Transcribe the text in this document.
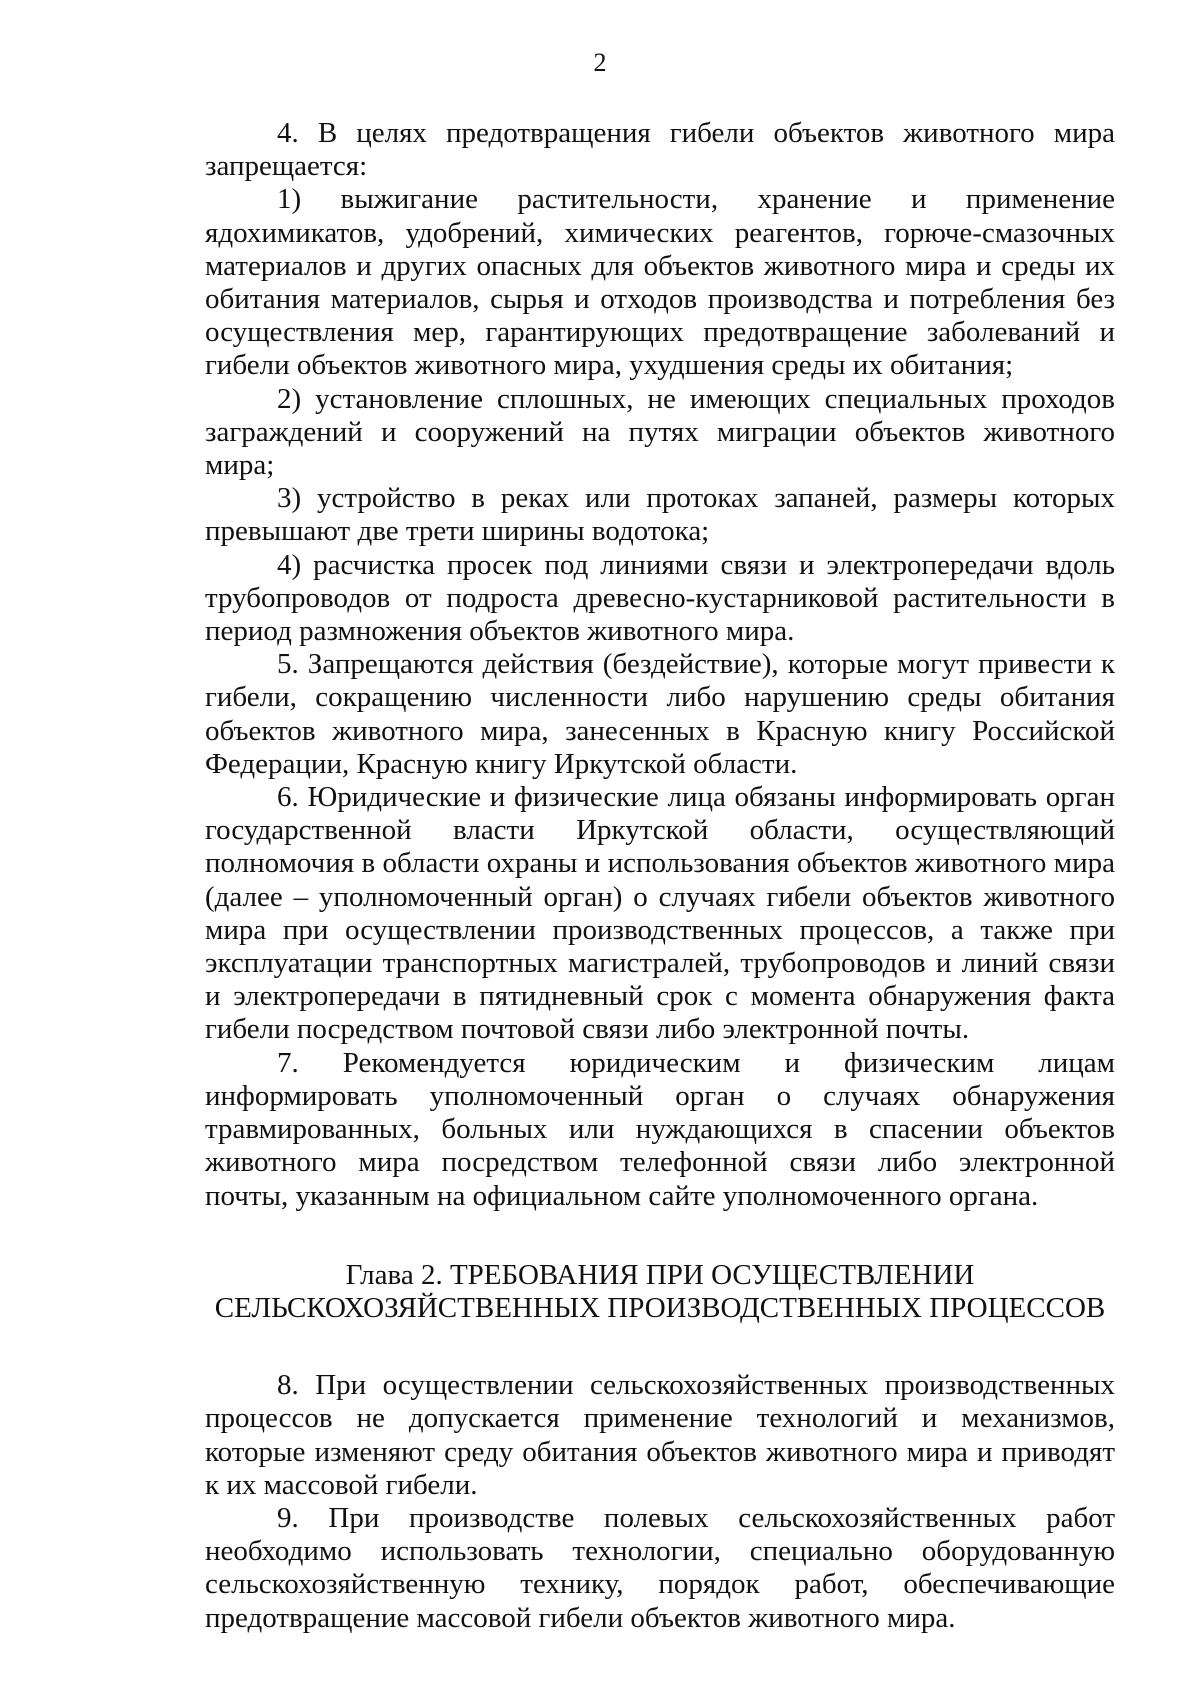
2

4. В целях предотвращения гибели объектов животного мира запрещается:

1) выжигание растительности, хранение и применение ядохимикатов, удобрений, химических реагентов, горюче-смазочных материалов и других опасных для объектов животного мира и среды их обитания материалов, сырья и отходов производства и потребления без осуществления мер, гарантирующих предотвращение заболеваний и гибели объектов животного мира, ухудшения среды их обитания;

2) установление сплошных, не имеющих специальных проходов заграждений и сооружений на путях миграции объектов животного мира;

3) устройство в реках или протоках запаней, размеры которых превышают две трети ширины водотока;

4) расчистка просек под линиями связи и электропередачи вдоль трубопроводов от подроста древесно-кустарниковой растительности в период размножения объектов животного мира.

5. Запрещаются действия (бездействие), которые могут привести к гибели, сокращению численности либо нарушению среды обитания объектов животного мира, занесенных в Красную книгу Российской Федерации, Красную книгу Иркутской области.

6. Юридические и физические лица обязаны информировать орган государственной власти Иркутской области, осуществляющий полномочия в области охраны и использования объектов животного мира (далее – уполномоченный орган) о случаях гибели объектов животного мира при осуществлении производственных процессов, а также при эксплуатации транспортных магистралей, трубопроводов и линий связи и электропередачи в пятидневный срок с момента обнаружения факта гибели посредством почтовой связи либо электронной почты.

7. Рекомендуется юридическим и физическим лицам информировать уполномоченный орган о случаях обнаружения травмированных, больных или нуждающихся в спасении объектов животного мира посредством телефонной связи либо электронной почты, указанным на официальном сайте уполномоченного органа.

Глава 2. ТРЕБОВАНИЯ ПРИ ОСУЩЕСТВЛЕНИИ
СЕЛЬСКОХОЗЯЙСТВЕННЫХ ПРОИЗВОДСТВЕННЫХ ПРОЦЕССОВ

8. При осуществлении сельскохозяйственных производственных процессов не допускается применение технологий и механизмов, которые изменяют среду обитания объектов животного мира и приводят к их массовой гибели.

9. При производстве полевых сельскохозяйственных работ необходимо использовать технологии, специально оборудованную сельскохозяйственную технику, порядок работ, обеспечивающие предотвращение массовой гибели объектов животного мира.
